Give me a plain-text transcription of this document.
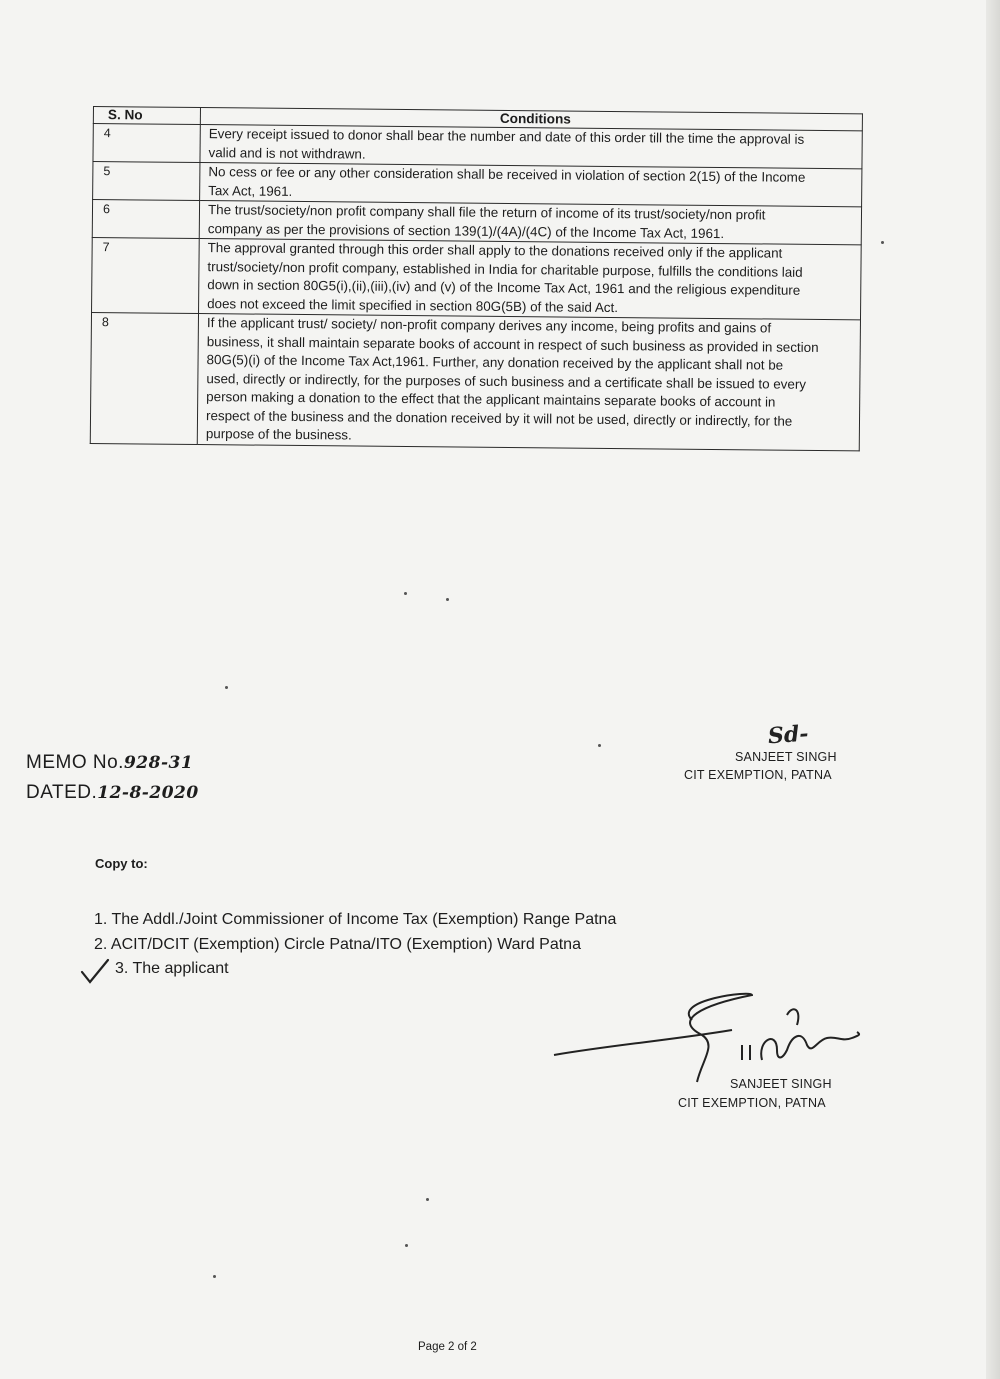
S. No	Conditions
4	Every receipt issued to donor shall bear the number and date of this order till the time the approval is valid and is not withdrawn.
5	No cess or fee or any other consideration shall be received in violation of section 2(15) of the Income Tax Act, 1961.
6	The trust/society/non profit company shall file the return of income of its trust/society/non profit company as per the provisions of section 139(1)/(4A)/(4C) of the Income Tax Act, 1961.
7	The approval granted through this order shall apply to the donations received only if the applicant trust/society/non profit company, established in India for charitable purpose, fulfills the conditions laid down in section 80G5(i),(ii),(iii),(iv) and (v) of the Income Tax Act, 1961 and the religious expenditure does not exceed the limit specified in section 80G(5B) of the said Act.
8	If the applicant trust/ society/ non-profit company derives any income, being profits and gains of business, it shall maintain separate books of account in respect of such business as provided in section 80G(5)(i) of the Income Tax Act,1961. Further, any donation received by the applicant shall not be used, directly or indirectly, for the purposes of such business and a certificate shall be issued to every person making a donation to the effect that the applicant maintains separate books of account in respect of the business and the donation received by it will not be used, directly or indirectly, for the purpose of the business.
Sd-
SANJEET SINGH
CIT EXEMPTION, PATNA
MEMO No.928-31
DATED.12-8-2020
Copy to:
1. The Addl./Joint Commissioner of Income Tax (Exemption) Range Patna
2. ACIT/DCIT (Exemption) Circle Patna/ITO (Exemption) Ward Patna
3. The applicant
SANJEET SINGH
CIT EXEMPTION, PATNA
Page 2 of 2
